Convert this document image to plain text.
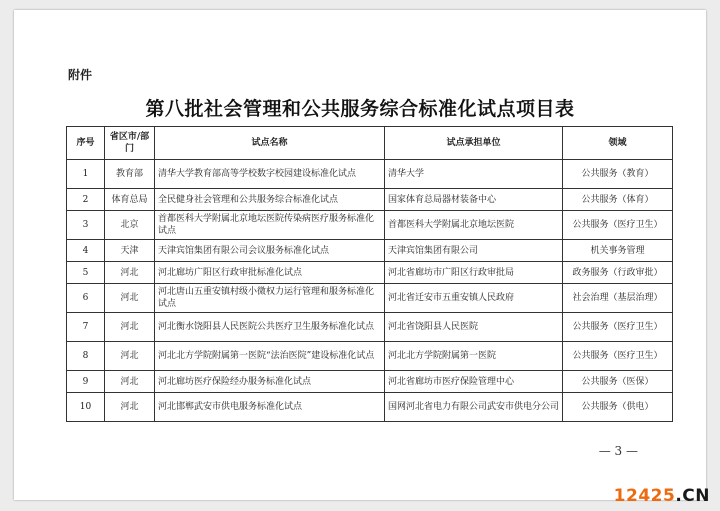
附件
第八批社会管理和公共服务综合标准化试点项目表
序号	省区市/部门	试点名称	试点承担单位	领域
1	教育部	清华大学教育部高等学校数字校园建设标准化试点	清华大学	公共服务（教育）
2	体育总局	全民健身社会管理和公共服务综合标准化试点	国家体育总局器材装备中心	公共服务（体育）
3	北京	首都医科大学附属北京地坛医院传染病医疗服务标准化试点	首都医科大学附属北京地坛医院	公共服务（医疗卫生）
4	天津	天津宾馆集团有限公司会议服务标准化试点	天津宾馆集团有限公司	机关事务管理
5	河北	河北廊坊广阳区行政审批标准化试点	河北省廊坊市广阳区行政审批局	政务服务（行政审批）
6	河北	河北唐山五重安镇村级小微权力运行管理和服务标准化试点	河北省迁安市五重安镇人民政府	社会治理（基层治理）
7	河北	河北衡水饶阳县人民医院公共医疗卫生服务标准化试点	河北省饶阳县人民医院	公共服务（医疗卫生）
8	河北	河北北方学院附属第一医院“法治医院”建设标准化试点	河北北方学院附属第一医院	公共服务（医疗卫生）
9	河北	河北廊坊医疗保险经办服务标准化试点	河北省廊坊市医疗保险管理中心	公共服务（医保）
10	河北	河北邯郸武安市供电服务标准化试点	国网河北省电力有限公司武安市供电分公司	公共服务（供电）
— 3 —
12425.CN
